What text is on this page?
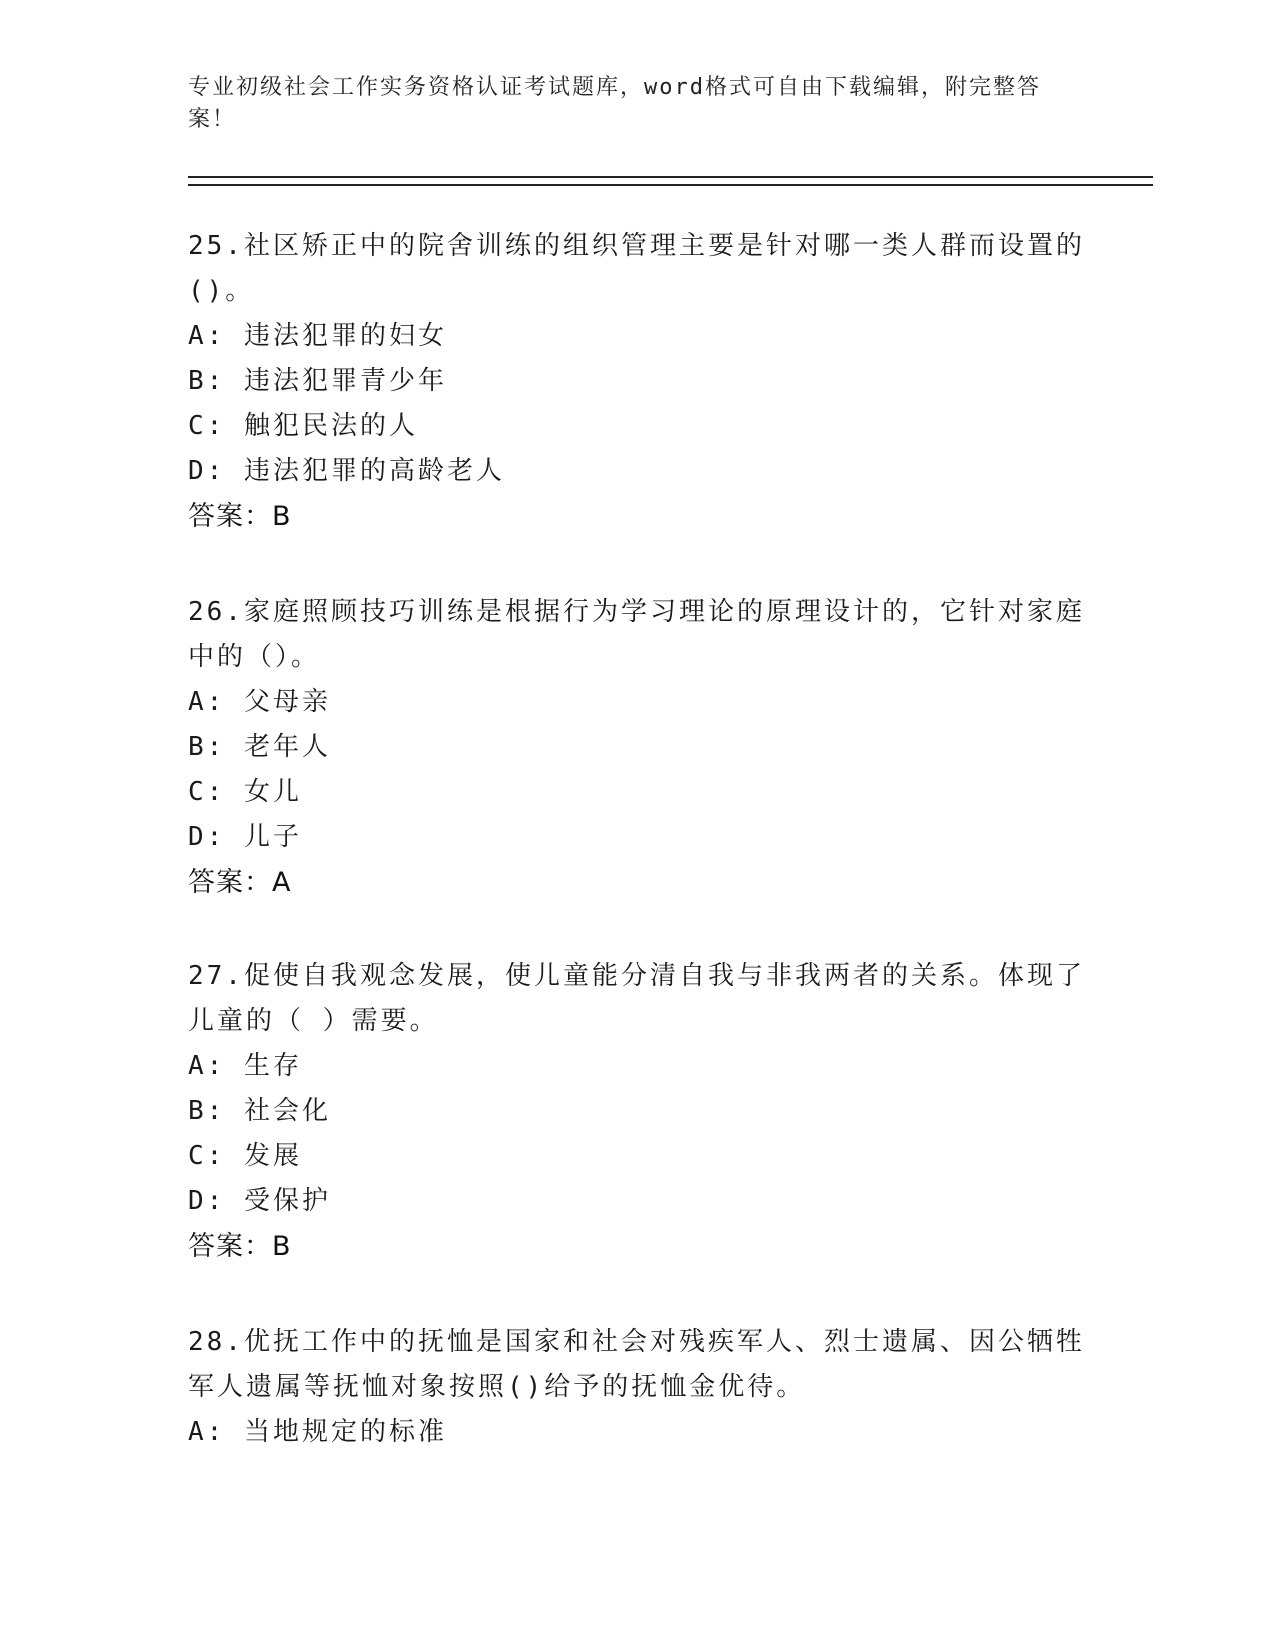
专业初级社会工作实务资格认证考试题库，word格式可自由下载编辑，附完整答案！
25.社区矫正中的院舍训练的组织管理主要是针对哪一类人群而设置的()。
A: 违法犯罪的妇女
B: 违法犯罪青少年
C: 触犯民法的人
D: 违法犯罪的高龄老人
答案：B
26.家庭照顾技巧训练是根据行为学习理论的原理设计的，它针对家庭中的（）。
A: 父母亲
B: 老年人
C: 女儿
D: 儿子
答案：A
27.促使自我观念发展，使儿童能分清自我与非我两者的关系。体现了儿童的（ ）需要。
A: 生存
B: 社会化
C: 发展
D: 受保护
答案：B
28.优抚工作中的抚恤是国家和社会对残疾军人、烈士遗属、因公牺牲军人遗属等抚恤对象按照()给予的抚恤金优待。
A: 当地规定的标准
